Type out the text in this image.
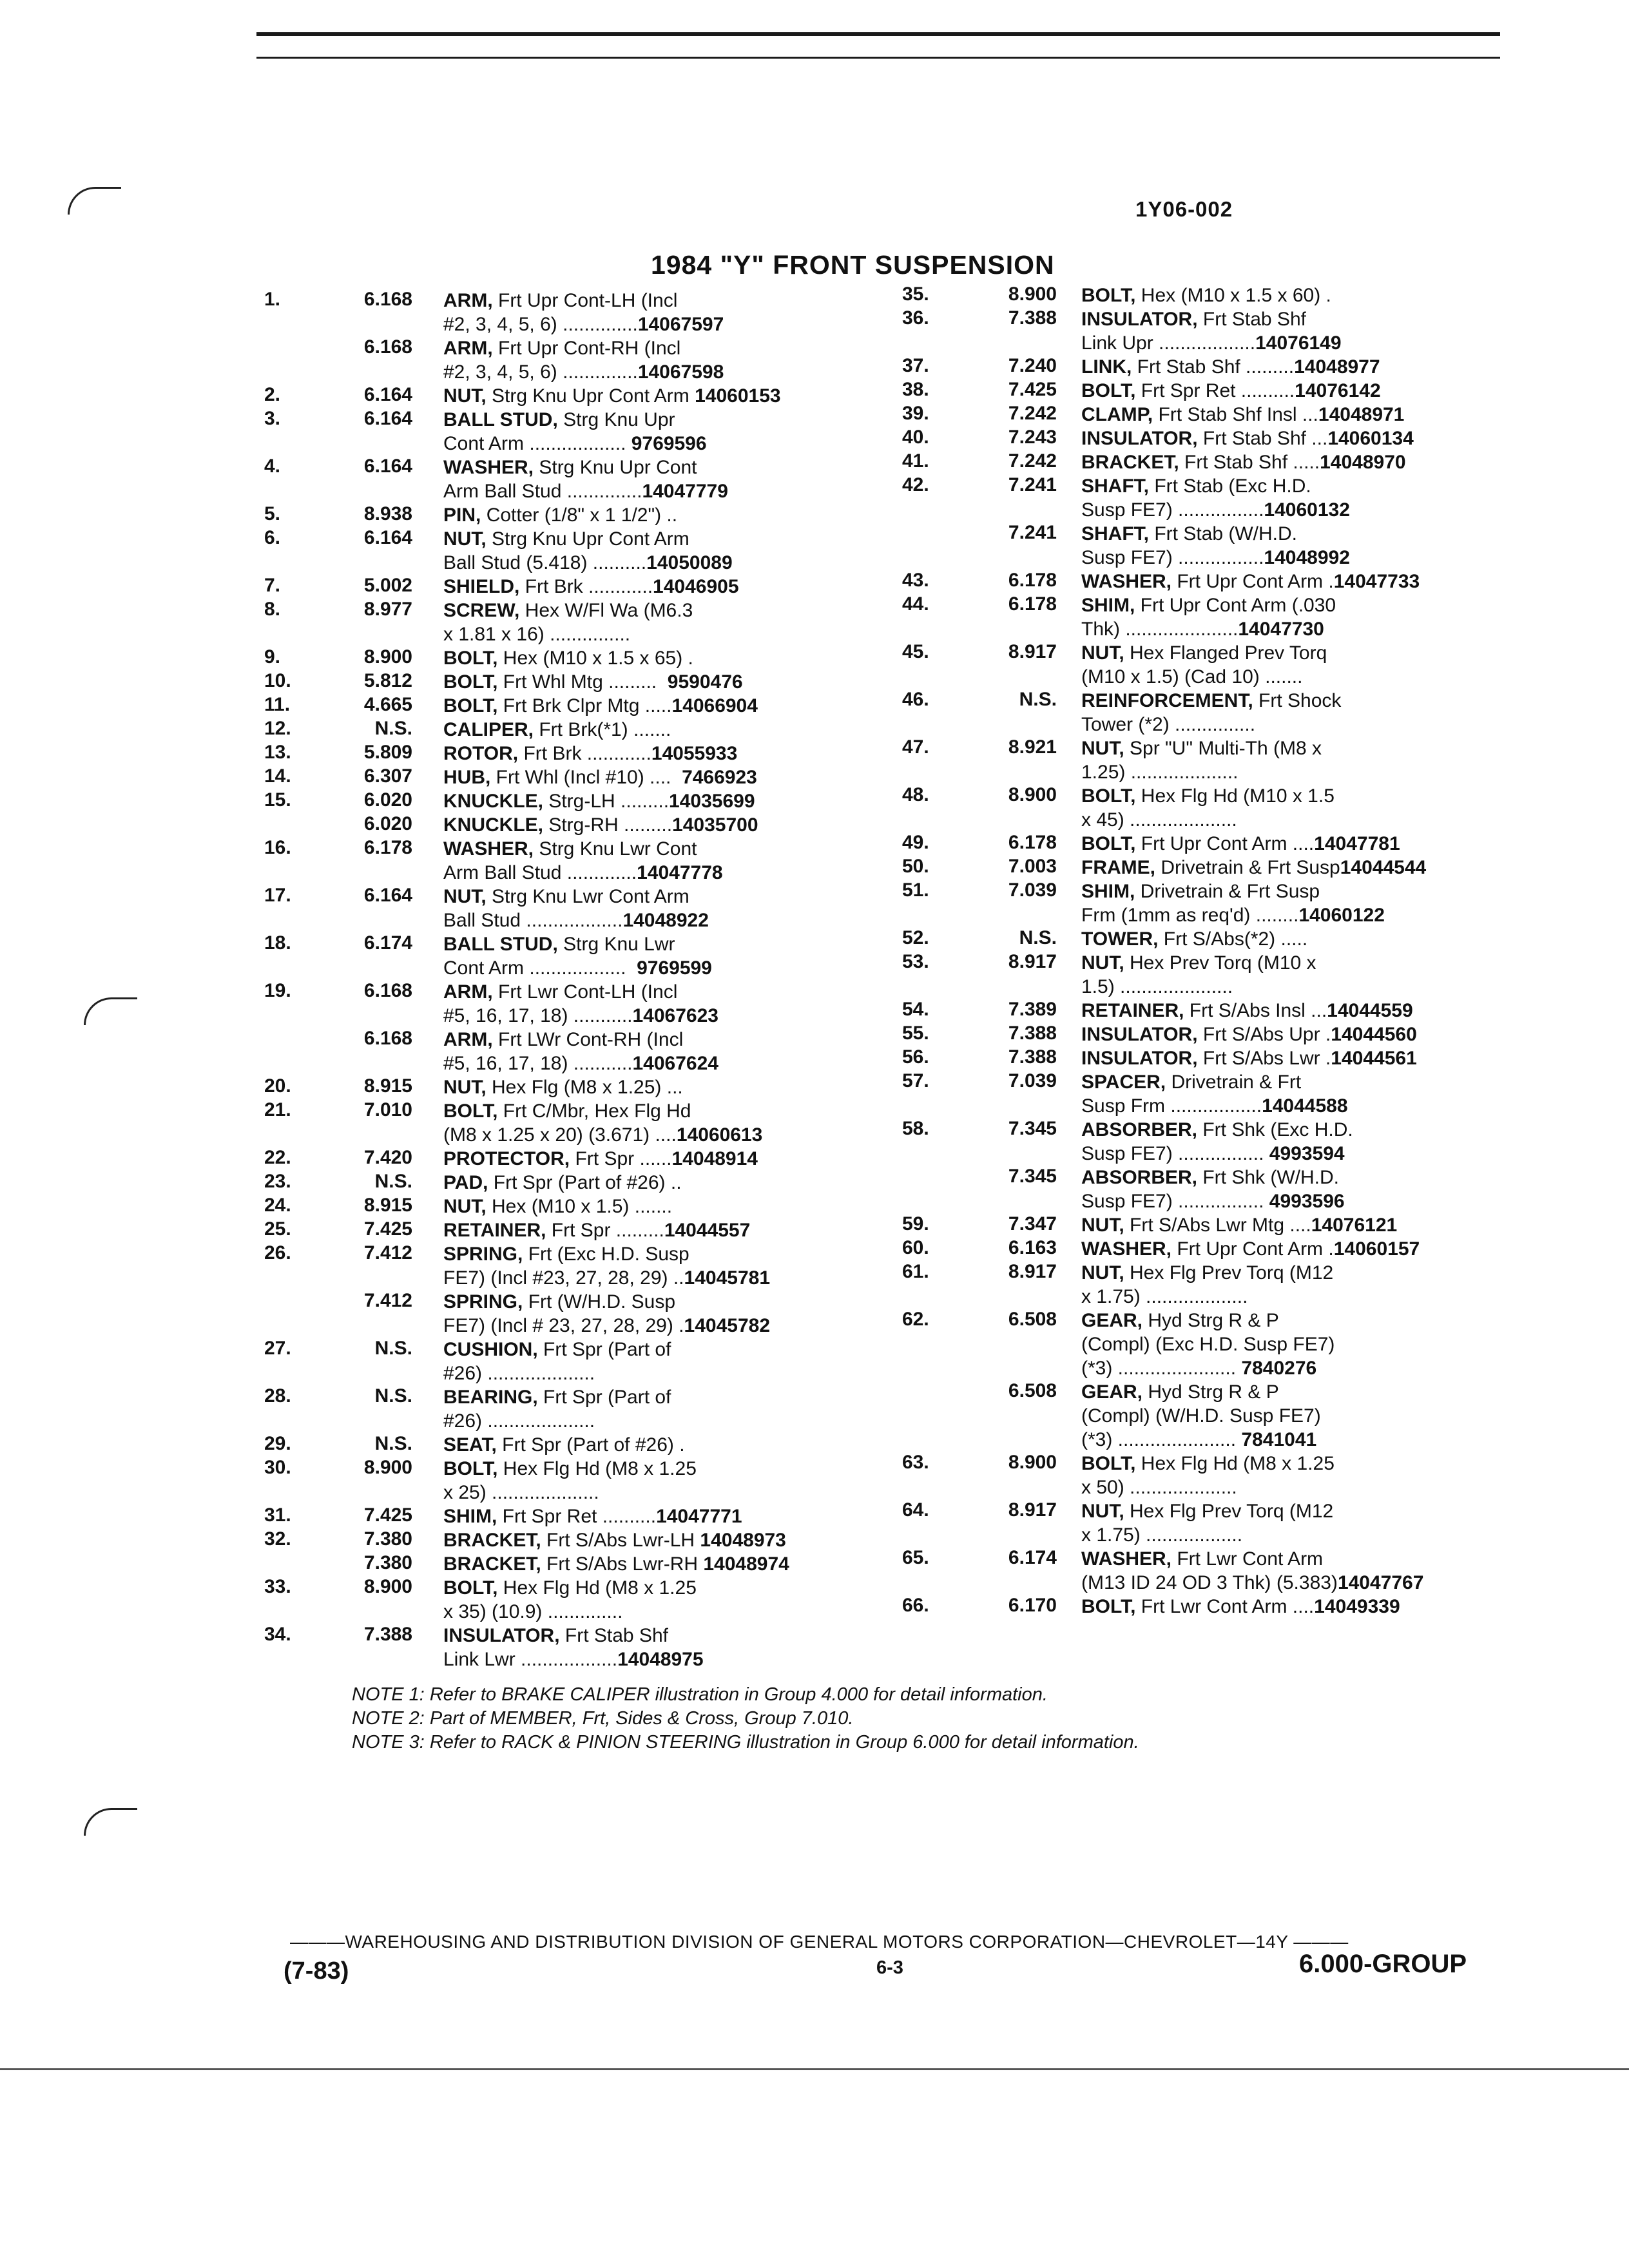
1Y06-002
1984 "Y" FRONT SUSPENSION
1.	6.168 ARM, Frt Upr Cont-LH (Incl
#2, 3, 4, 5, 6) ..............14067597
6.168 ARM, Frt Upr Cont-RH (Incl
#2, 3, 4, 5, 6) ..............14067598
2.	6.164 NUT, Strg Knu Upr Cont Arm 14060153
3.	6.164 BALL STUD, Strg Knu Upr
Cont Arm .................. 9769596
4.	6.164 WASHER, Strg Knu Upr Cont
Arm Ball Stud ..............14047779
5.	8.938 PIN, Cotter (1/8" x 1 1/2") ..
6.	6.164 NUT, Strg Knu Upr Cont Arm
Ball Stud (5.418) ..........14050089
7.	5.002 SHIELD, Frt Brk ............14046905
8.	8.977 SCREW, Hex W/Fl Wa (M6.3
x 1.81 x 16) ...............
9.	8.900 BOLT, Hex (M10 x 1.5 x 65) .
10.	5.812 BOLT, Frt Whl Mtg .........  9590476
11.	4.665 BOLT, Frt Brk Clpr Mtg .....14066904
12.	N.S. CALIPER, Frt Brk(*1) .......
13.	5.809 ROTOR, Frt Brk ............14055933
14.	6.307 HUB, Frt Whl (Incl #10) ....  7466923
15.	6.020 KNUCKLE, Strg-LH .........14035699
6.020 KNUCKLE, Strg-RH .........14035700
16.	6.178 WASHER, Strg Knu Lwr Cont
Arm Ball Stud .............14047778
17.	6.164 NUT, Strg Knu Lwr Cont Arm
Ball Stud ..................14048922
18.	6.174 BALL STUD, Strg Knu Lwr
Cont Arm ..................  9769599
19.	6.168 ARM, Frt Lwr Cont-LH (Incl
#5, 16, 17, 18) ...........14067623
6.168 ARM, Frt LWr Cont-RH (Incl
#5, 16, 17, 18) ...........14067624
20.	8.915 NUT, Hex Flg (M8 x 1.25) ...
21.	7.010 BOLT, Frt C/Mbr, Hex Flg Hd
(M8 x 1.25 x 20) (3.671) ....14060613
22.	7.420 PROTECTOR, Frt Spr ......14048914
23.	N.S. PAD, Frt Spr (Part of #26) ..
24.	8.915 NUT, Hex (M10 x 1.5) .......
25.	7.425 RETAINER, Frt Spr .........14044557
26.	7.412 SPRING, Frt (Exc H.D. Susp
FE7) (Incl #23, 27, 28, 29) ..14045781
7.412 SPRING, Frt (W/H.D. Susp
FE7) (Incl # 23, 27, 28, 29) .14045782
27.	N.S. CUSHION, Frt Spr (Part of
#26) ....................
28.	N.S. BEARING, Frt Spr (Part of
#26) ....................
29.	N.S. SEAT, Frt Spr (Part of #26) .
30.	8.900 BOLT, Hex Flg Hd (M8 x 1.25
x 25) ....................
31.	7.425 SHIM, Frt Spr Ret ..........14047771
32.	7.380 BRACKET, Frt S/Abs Lwr-LH 14048973
7.380 BRACKET, Frt S/Abs Lwr-RH 14048974
33.	8.900 BOLT, Hex Flg Hd (M8 x 1.25
x 35) (10.9) ..............
34.	7.388 INSULATOR, Frt Stab Shf
Link Lwr ..................14048975
35.	8.900 BOLT, Hex (M10 x 1.5 x 60) .
36.	7.388 INSULATOR, Frt Stab Shf
Link Upr ..................14076149
37.	7.240 LINK, Frt Stab Shf .........14048977
38.	7.425 BOLT, Frt Spr Ret ..........14076142
39.	7.242 CLAMP, Frt Stab Shf Insl ...14048971
40.	7.243 INSULATOR, Frt Stab Shf ...14060134
41.	7.242 BRACKET, Frt Stab Shf .....14048970
42.	7.241 SHAFT, Frt Stab (Exc H.D.
Susp FE7) ................14060132
7.241 SHAFT, Frt Stab (W/H.D.
Susp FE7) ................14048992
43.	6.178 WASHER, Frt Upr Cont Arm .14047733
44.	6.178 SHIM, Frt Upr Cont Arm (.030
Thk) .....................14047730
45.	8.917 NUT, Hex Flanged Prev Torq
(M10 x 1.5) (Cad 10) .......
46.	N.S. REINFORCEMENT, Frt Shock
Tower (*2) ...............
47.	8.921 NUT, Spr "U" Multi-Th (M8 x
1.25) ....................
48.	8.900 BOLT, Hex Flg Hd (M10 x 1.5
x 45) ....................
49.	6.178 BOLT, Frt Upr Cont Arm ....14047781
50.	7.003 FRAME, Drivetrain & Frt Susp14044544
51.	7.039 SHIM, Drivetrain & Frt Susp
Frm (1mm as req'd) ........14060122
52.	N.S. TOWER, Frt S/Abs(*2) .....
53.	8.917 NUT, Hex Prev Torq (M10 x
1.5) .....................
54.	7.389 RETAINER, Frt S/Abs Insl ...14044559
55.	7.388 INSULATOR, Frt S/Abs Upr .14044560
56.	7.388 INSULATOR, Frt S/Abs Lwr .14044561
57.	7.039 SPACER, Drivetrain & Frt
Susp Frm .................14044588
58.	7.345 ABSORBER, Frt Shk (Exc H.D.
Susp FE7) ................ 4993594
7.345 ABSORBER, Frt Shk (W/H.D.
Susp FE7) ................ 4993596
59.	7.347 NUT, Frt S/Abs Lwr Mtg ....14076121
60.	6.163 WASHER, Frt Upr Cont Arm .14060157
61.	8.917 NUT, Hex Flg Prev Torq (M12
x 1.75) ...................
62.	6.508 GEAR, Hyd Strg R & P
(Compl) (Exc H.D. Susp FE7)
(*3) ...................... 7840276
6.508 GEAR, Hyd Strg R & P
(Compl) (W/H.D. Susp FE7)
(*3) ...................... 7841041
63.	8.900 BOLT, Hex Flg Hd (M8 x 1.25
x 50) ....................
64.	8.917 NUT, Hex Flg Prev Torq (M12
x 1.75) ..................
65.	6.174 WASHER, Frt Lwr Cont Arm
(M13 ID 24 OD 3 Thk) (5.383)14047767
66.	6.170 BOLT, Frt Lwr Cont Arm ....14049339
NOTE 1: Refer to BRAKE CALIPER illustration in Group 4.000 for detail information.
NOTE 2: Part of MEMBER, Frt, Sides & Cross, Group 7.010.
NOTE 3: Refer to RACK & PINION STEERING illustration in Group 6.000 for detail information.
———WAREHOUSING AND DISTRIBUTION DIVISION OF GENERAL MOTORS CORPORATION—CHEVROLET—14Y ———
(7-83)	6-3	6.000-GROUP
